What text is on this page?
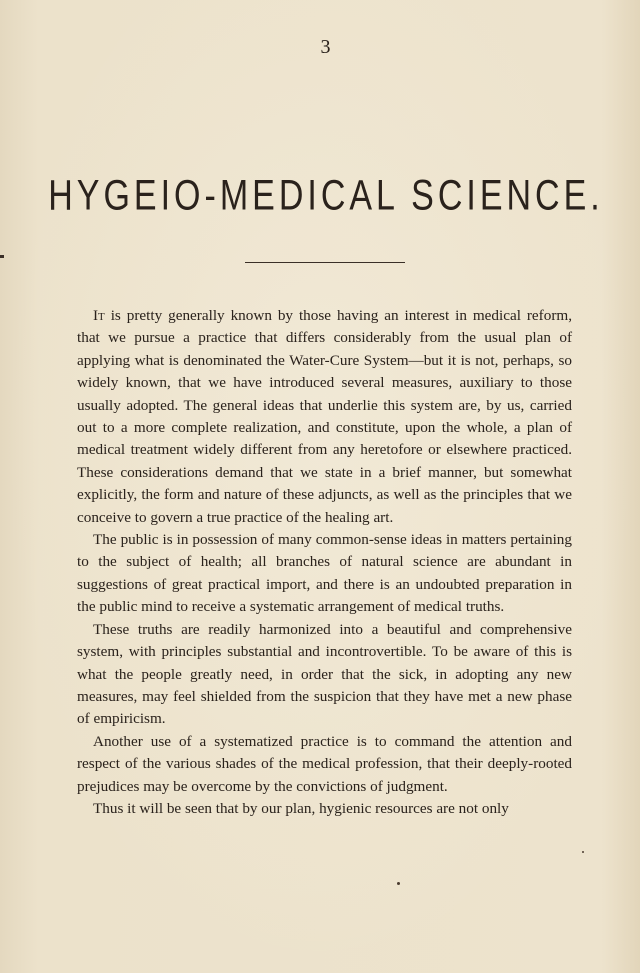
3
HYGEIO-MEDICAL SCIENCE.

It is pretty generally known by those having an interest in medical reform, that we pursue a practice that differs considerably from the usual plan of applying what is denominated the Water-Cure System—but it is not, perhaps, so widely known, that we have introduced several measures, auxiliary to those usually adopted. The general ideas that underlie this system are, by us, carried out to a more complete realization, and constitute, upon the whole, a plan of medical treatment widely different from any heretofore or elsewhere practiced. These considerations demand that we state in a brief manner, but somewhat explicitly, the form and nature of these adjuncts, as well as the principles that we conceive to govern a true practice of the healing art.

The public is in possession of many common-sense ideas in matters pertaining to the subject of health; all branches of natural science are abundant in suggestions of great practical import, and there is an undoubted preparation in the public mind to receive a systematic arrangement of medical truths.

These truths are readily harmonized into a beautiful and comprehensive system, with principles substantial and incontrovertible. To be aware of this is what the people greatly need, in order that the sick, in adopting any new measures, may feel shielded from the suspicion that they have met a new phase of empiricism.

Another use of a systematized practice is to command the attention and respect of the various shades of the medical profession, that their deeply-rooted prejudices may be overcome by the convictions of judgment.

Thus it will be seen that by our plan, hygienic resources are not only
